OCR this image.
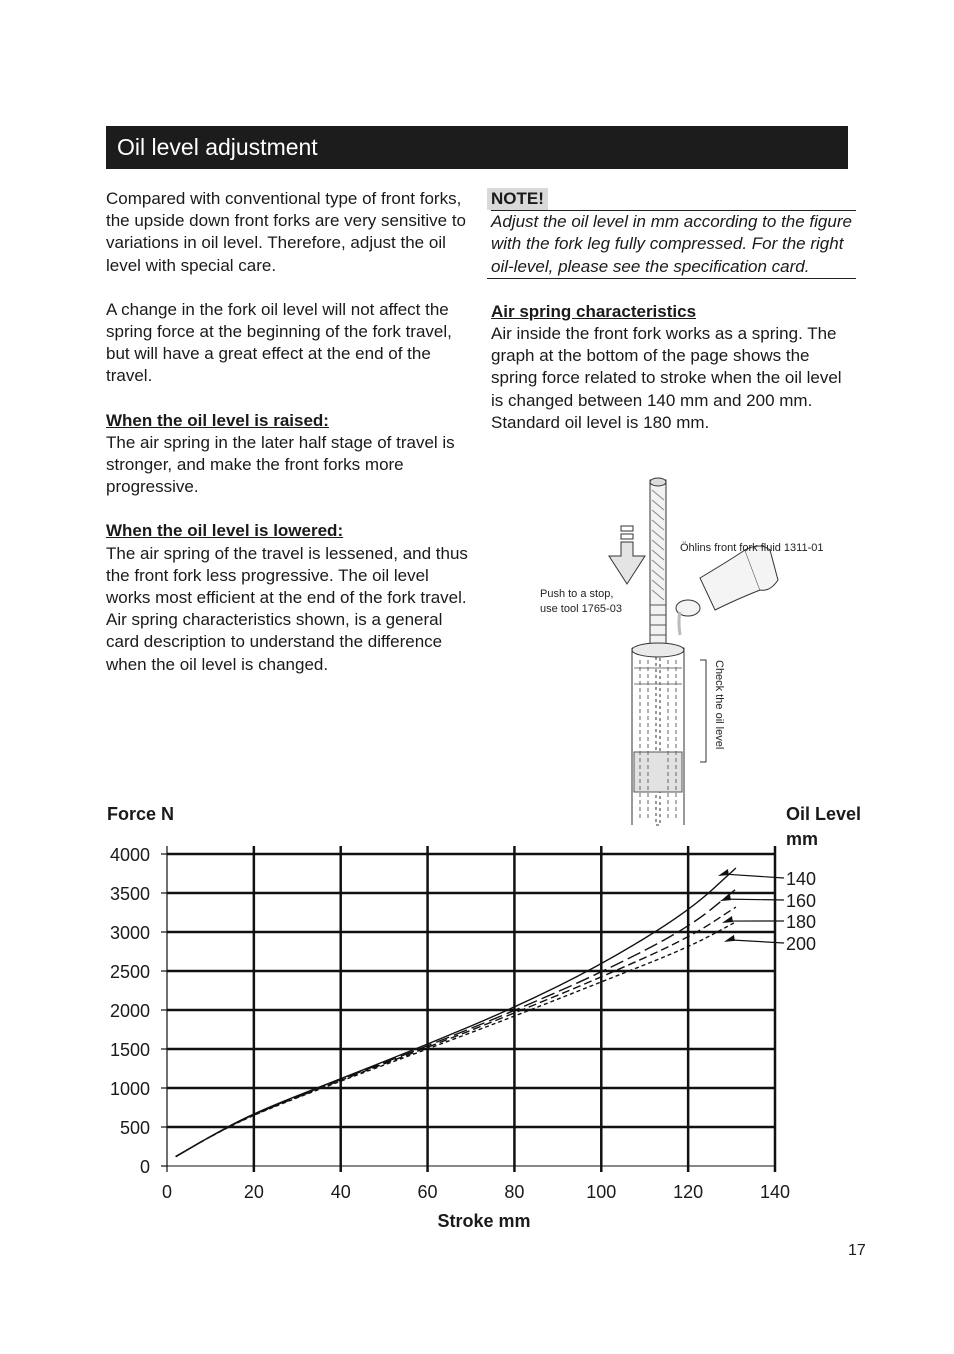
Oil level adjustment

Compared with conventional type of front forks, the upside down front forks are very sensitive to variations in oil level. Therefore, adjust the oil level with special care.

A change in the fork oil level will not affect the spring force at the beginning of the fork travel, but will have a great effect at the end of the travel.

When the oil level is raised:
The air spring in the later half stage of travel is stronger, and make the front forks more progressive.

When the oil level is lowered:
The air spring of the travel is lessened, and thus the front fork less progressive. The oil level works most efficient at the end of the fork travel. Air spring characteristics shown, is a general card description to understand the difference when the oil level is changed.

NOTE!
Adjust the oil level in mm according to the figure with the fork leg fully compressed. For the right oil-level, please see the specification card.

Air spring characteristics
Air inside the front fork works as a spring. The graph at the bottom of the page shows the spring force related to stroke when the oil level is changed between 140 mm and 200 mm. Standard oil level is 180 mm.

Öhlins front fork fluid 1311-01
Push to a stop,
use tool 1765-03
Check the oil level
Force N	Oil Level
mm
Stroke mm
0
500
1000
1500
2000
2500
3000
3500
4000
0	20	40	60	80	100	120	140
140
160
180
200
17
